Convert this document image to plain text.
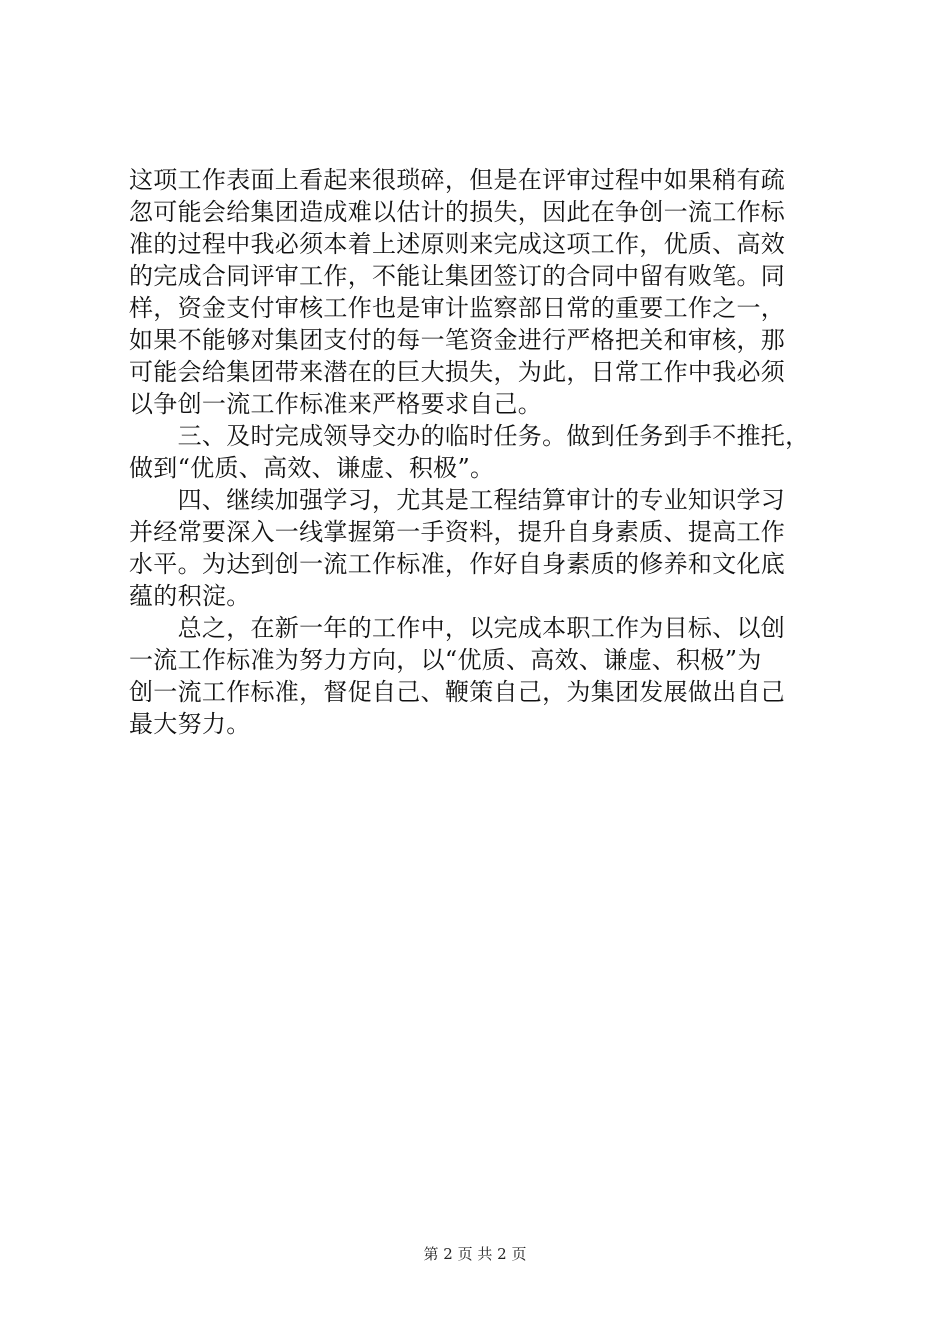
这项工作表面上看起来很琐碎，但是在评审过程中如果稍有疏
忽可能会给集团造成难以估计的损失，因此在争创一流工作标
准的过程中我必须本着上述原则来完成这项工作，优质、高效
的完成合同评审工作，不能让集团签订的合同中留有败笔。同
样，资金支付审核工作也是审计监察部日常的重要工作之一，
如果不能够对集团支付的每一笔资金进行严格把关和审核，那
可能会给集团带来潜在的巨大损失，为此，日常工作中我必须
以争创一流工作标准来严格要求自己。
　　三、及时完成领导交办的临时任务。做到任务到手不推托，
做到“优质、高效、谦虚、积极”。
　　四、继续加强学习，尤其是工程结算审计的专业知识学习
并经常要深入一线掌握第一手资料，提升自身素质、提高工作
水平。为达到创一流工作标准，作好自身素质的修养和文化底
蕴的积淀。
　　总之，在新一年的工作中，以完成本职工作为目标、以创
一流工作标准为努力方向，以“优质、高效、谦虚、积极”为
创一流工作标准，督促自己、鞭策自己，为集团发展做出自己
最大努力。
第 2 页 共 2 页
